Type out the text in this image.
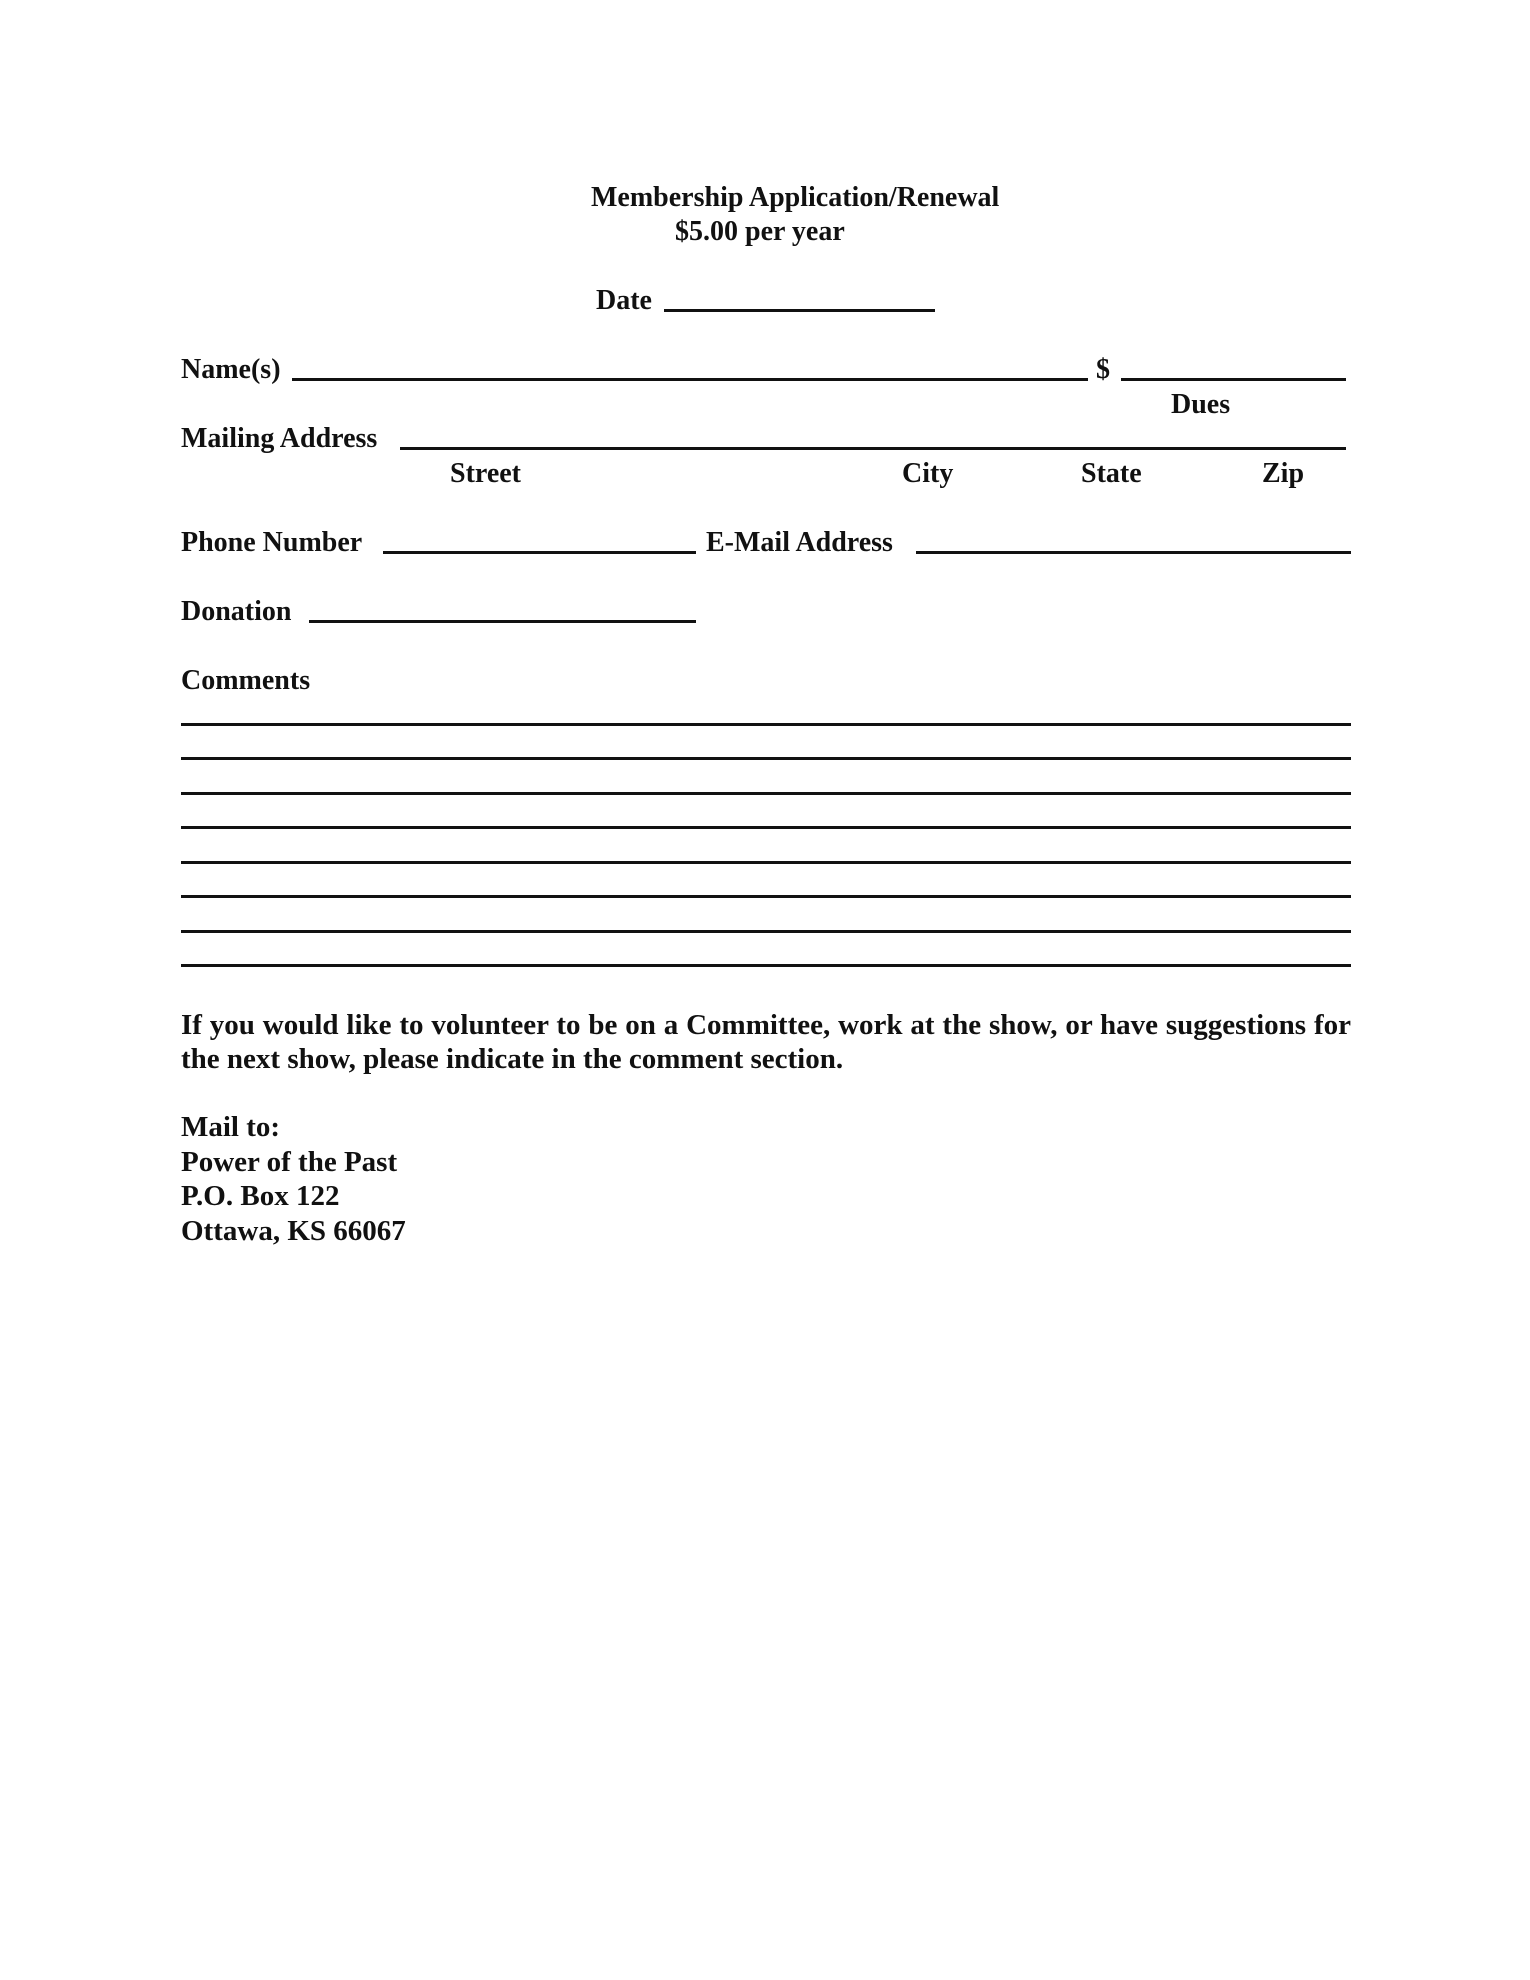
Membership Application/Renewal
$5.00 per year
Date
Name(s)	$
Dues
Mailing Address
Street	City	State	Zip
Phone Number	E-Mail Address
Donation
Comments
If you would like to volunteer to be on a Committee, work at the show, or have suggestions for the next show, please indicate in the comment section.
Mail to:
Power of the Past
P.O. Box 122
Ottawa, KS 66067
